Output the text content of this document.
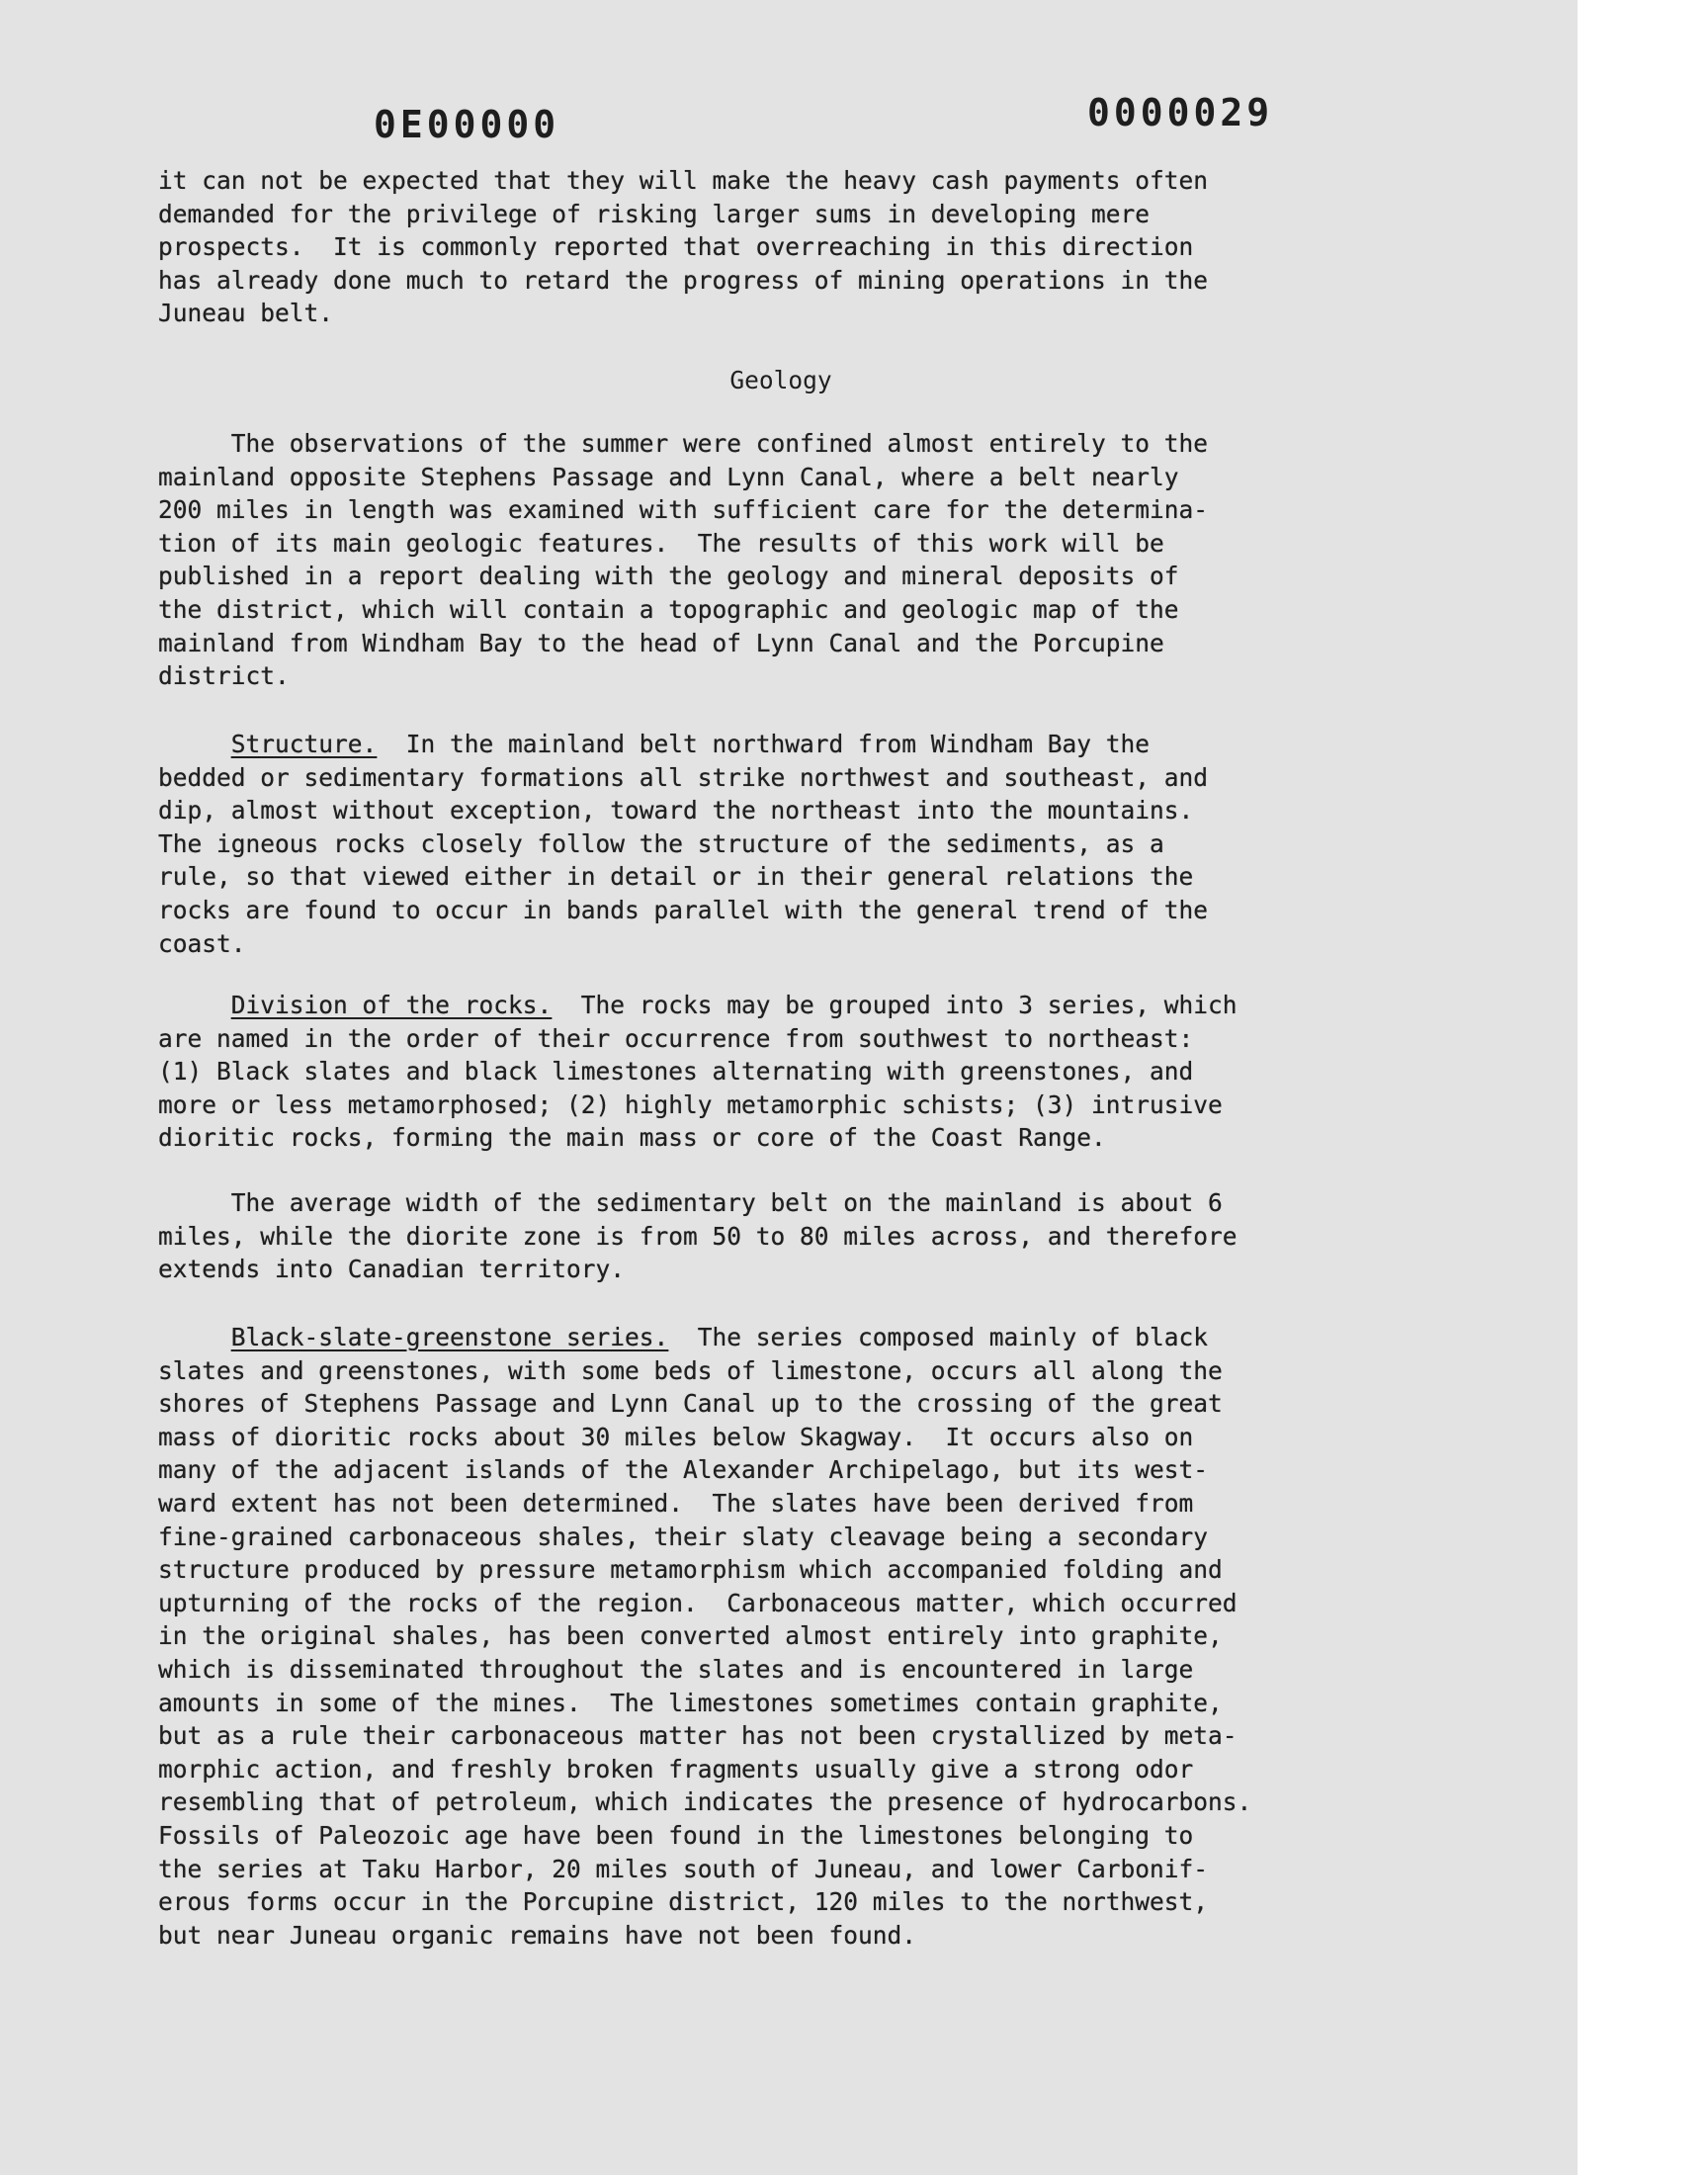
0E00000	0000029

it can not be expected that they will make the heavy cash payments often

demanded for the privilege of risking larger sums in developing mere

prospects.  It is commonly reported that overreaching in this direction

has already done much to retard the progress of mining operations in the

Juneau belt.

Geology

The observations of the summer were confined almost entirely to the

mainland opposite Stephens Passage and Lynn Canal, where a belt nearly

200 miles in length was examined with sufficient care for the determina-

tion of its main geologic features.  The results of this work will be

published in a report dealing with the geology and mineral deposits of

the district, which will contain a topographic and geologic map of the

mainland from Windham Bay to the head of Lynn Canal and the Porcupine

district.

Structure.  In the mainland belt northward from Windham Bay the

bedded or sedimentary formations all strike northwest and southeast, and

dip, almost without exception, toward the northeast into the mountains.

The igneous rocks closely follow the structure of the sediments, as a

rule, so that viewed either in detail or in their general relations the

rocks are found to occur in bands parallel with the general trend of the

coast.

Division of the rocks.  The rocks may be grouped into 3 series, which

are named in the order of their occurrence from southwest to northeast:

(1) Black slates and black limestones alternating with greenstones, and

more or less metamorphosed; (2) highly metamorphic schists; (3) intrusive

dioritic rocks, forming the main mass or core of the Coast Range.

The average width of the sedimentary belt on the mainland is about 6

miles, while the diorite zone is from 50 to 80 miles across, and therefore

extends into Canadian territory.

Black-slate-greenstone series.  The series composed mainly of black

slates and greenstones, with some beds of limestone, occurs all along the

shores of Stephens Passage and Lynn Canal up to the crossing of the great

mass of dioritic rocks about 30 miles below Skagway.  It occurs also on

many of the adjacent islands of the Alexander Archipelago, but its west-

ward extent has not been determined.  The slates have been derived from

fine-grained carbonaceous shales, their slaty cleavage being a secondary

structure produced by pressure metamorphism which accompanied folding and

upturning of the rocks of the region.  Carbonaceous matter, which occurred

in the original shales, has been converted almost entirely into graphite,

which is disseminated throughout the slates and is encountered in large

amounts in some of the mines.  The limestones sometimes contain graphite,

but as a rule their carbonaceous matter has not been crystallized by meta-

morphic action, and freshly broken fragments usually give a strong odor

resembling that of petroleum, which indicates the presence of hydrocarbons.

Fossils of Paleozoic age have been found in the limestones belonging to

the series at Taku Harbor, 20 miles south of Juneau, and lower Carbonif-

erous forms occur in the Porcupine district, 120 miles to the northwest,

but near Juneau organic remains have not been found.
